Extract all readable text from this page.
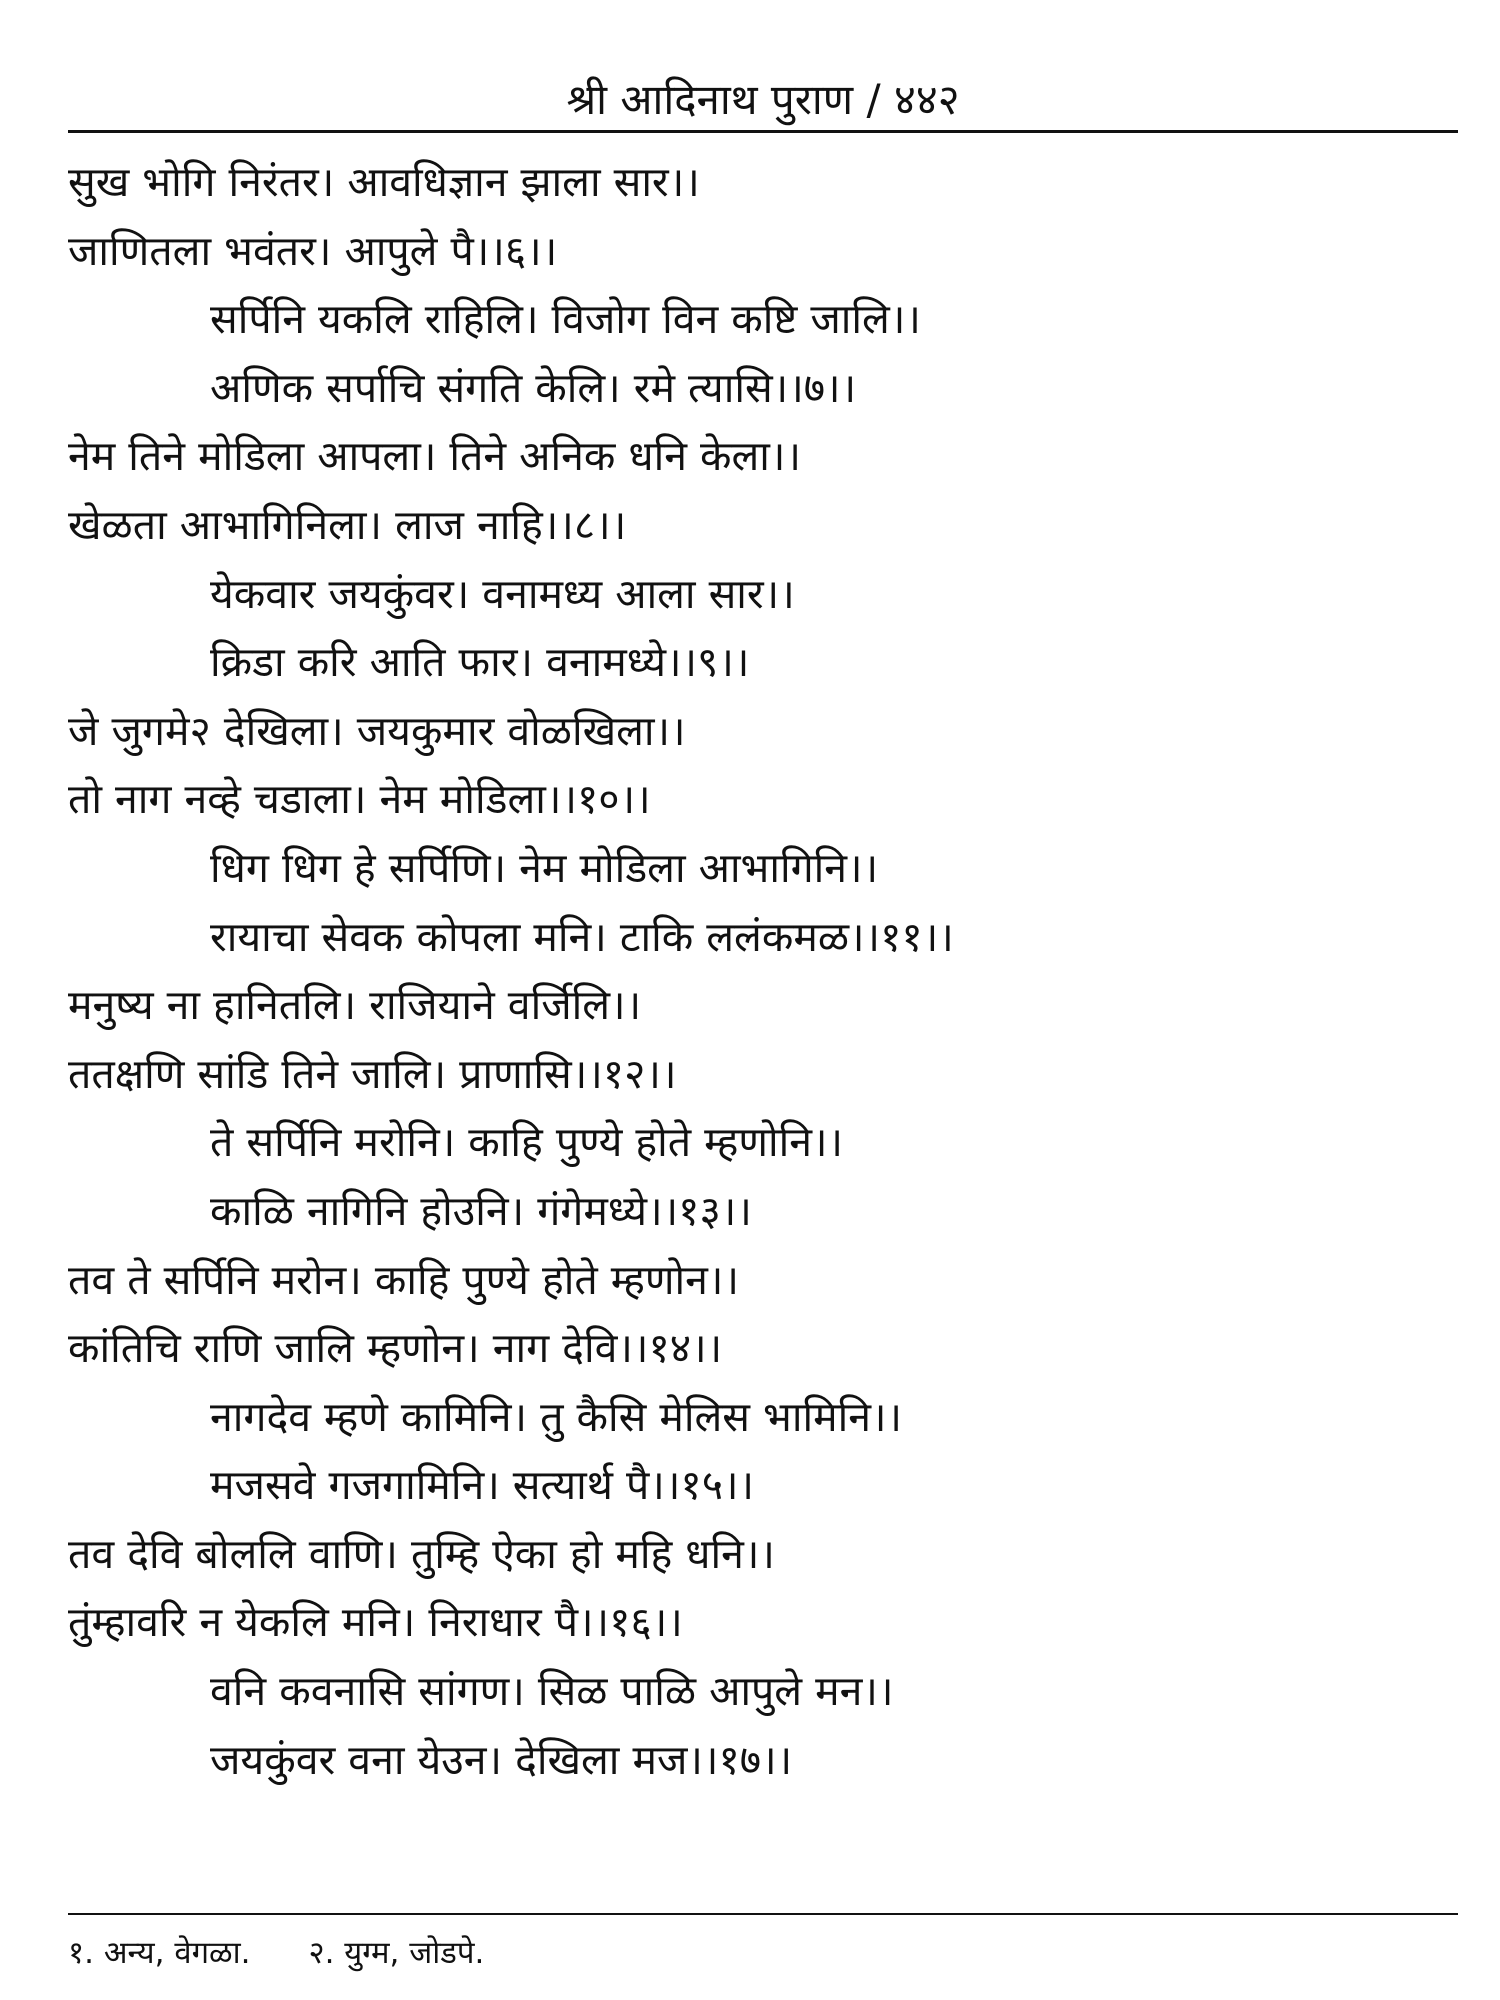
श्री आदिनाथ पुराण / ४४२
सुख भोगि निरंतर। आवधिज्ञान झाला सार।।
जाणितला भवंतर। आपुले पै।।६।।
सर्पिनि यकलि राहिलि। विजोग विन कष्टि जालि।।
अणिक सर्पाचि संगति केलि। रमे त्यासि।।७।।
नेम तिने मोडिला आपला। तिने अनिक धनि केला।।
खेळता आभागिनिला। लाज नाहि।।८।।
येकवार जयकुंवर। वनामध्य आला सार।।
क्रिडा करि आति फार। वनामध्ये।।९।।
जे जुगमे२ देखिला। जयकुमार वोळखिला।।
तो नाग नव्हे चडाला। नेम मोडिला।।१०।।
धिग धिग हे सर्पिणि। नेम मोडिला आभागिनि।।
रायाचा सेवक कोपला मनि। टाकि ललंकमळ।।११।।
मनुष्य ना हानितलि। राजियाने वर्जिलि।।
ततक्षणि सांडि तिने जालि। प्राणासि।।१२।।
ते सर्पिनि मरोनि। काहि पुण्ये होते म्हणोनि।।
काळि नागिनि होउनि। गंगेमध्ये।।१३।।
तव ते सर्पिनि मरोन। काहि पुण्ये होते म्हणोन।।
कांतिचि राणि जालि म्हणोन। नाग देवि।।१४।।
नागदेव म्हणे कामिनि। तु कैसि मेलिस भामिनि।।
मजसवे गजगामिनि। सत्यार्थ पै।।१५।।
तव देवि बोललि वाणि। तुम्हि ऐका हो महि धनि।।
तुंम्हावरि न येकलि मनि। निराधार पै।।१६।।
वनि कवनासि सांगण। सिळ पाळि आपुले मन।।
जयकुंवर वना येउन। देखिला मज।।१७।।
१. अन्य, वेगळा. २. युग्म, जोडपे.
